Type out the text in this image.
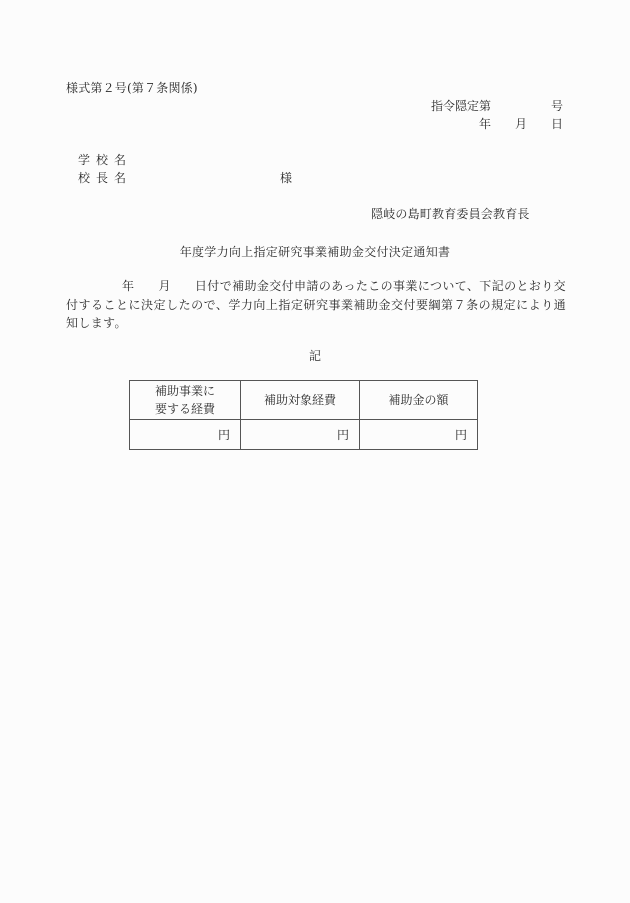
様式第２号(第７条関係)
指令隠定第	号
年	月	日
学校名
校長名	様
隠岐の島町教育委員会教育長
年度学力向上指定研究事業補助金交付決定通知書
年 月 日付で補助金交付申請のあったこの事業について、下記のとおり交付することに決定したので、学力向上指定研究事業補助金交付要綱第７条の規定により通知します。
記
補助事業に
要する経費	補助対象経費	補助金の額
円	円	円
